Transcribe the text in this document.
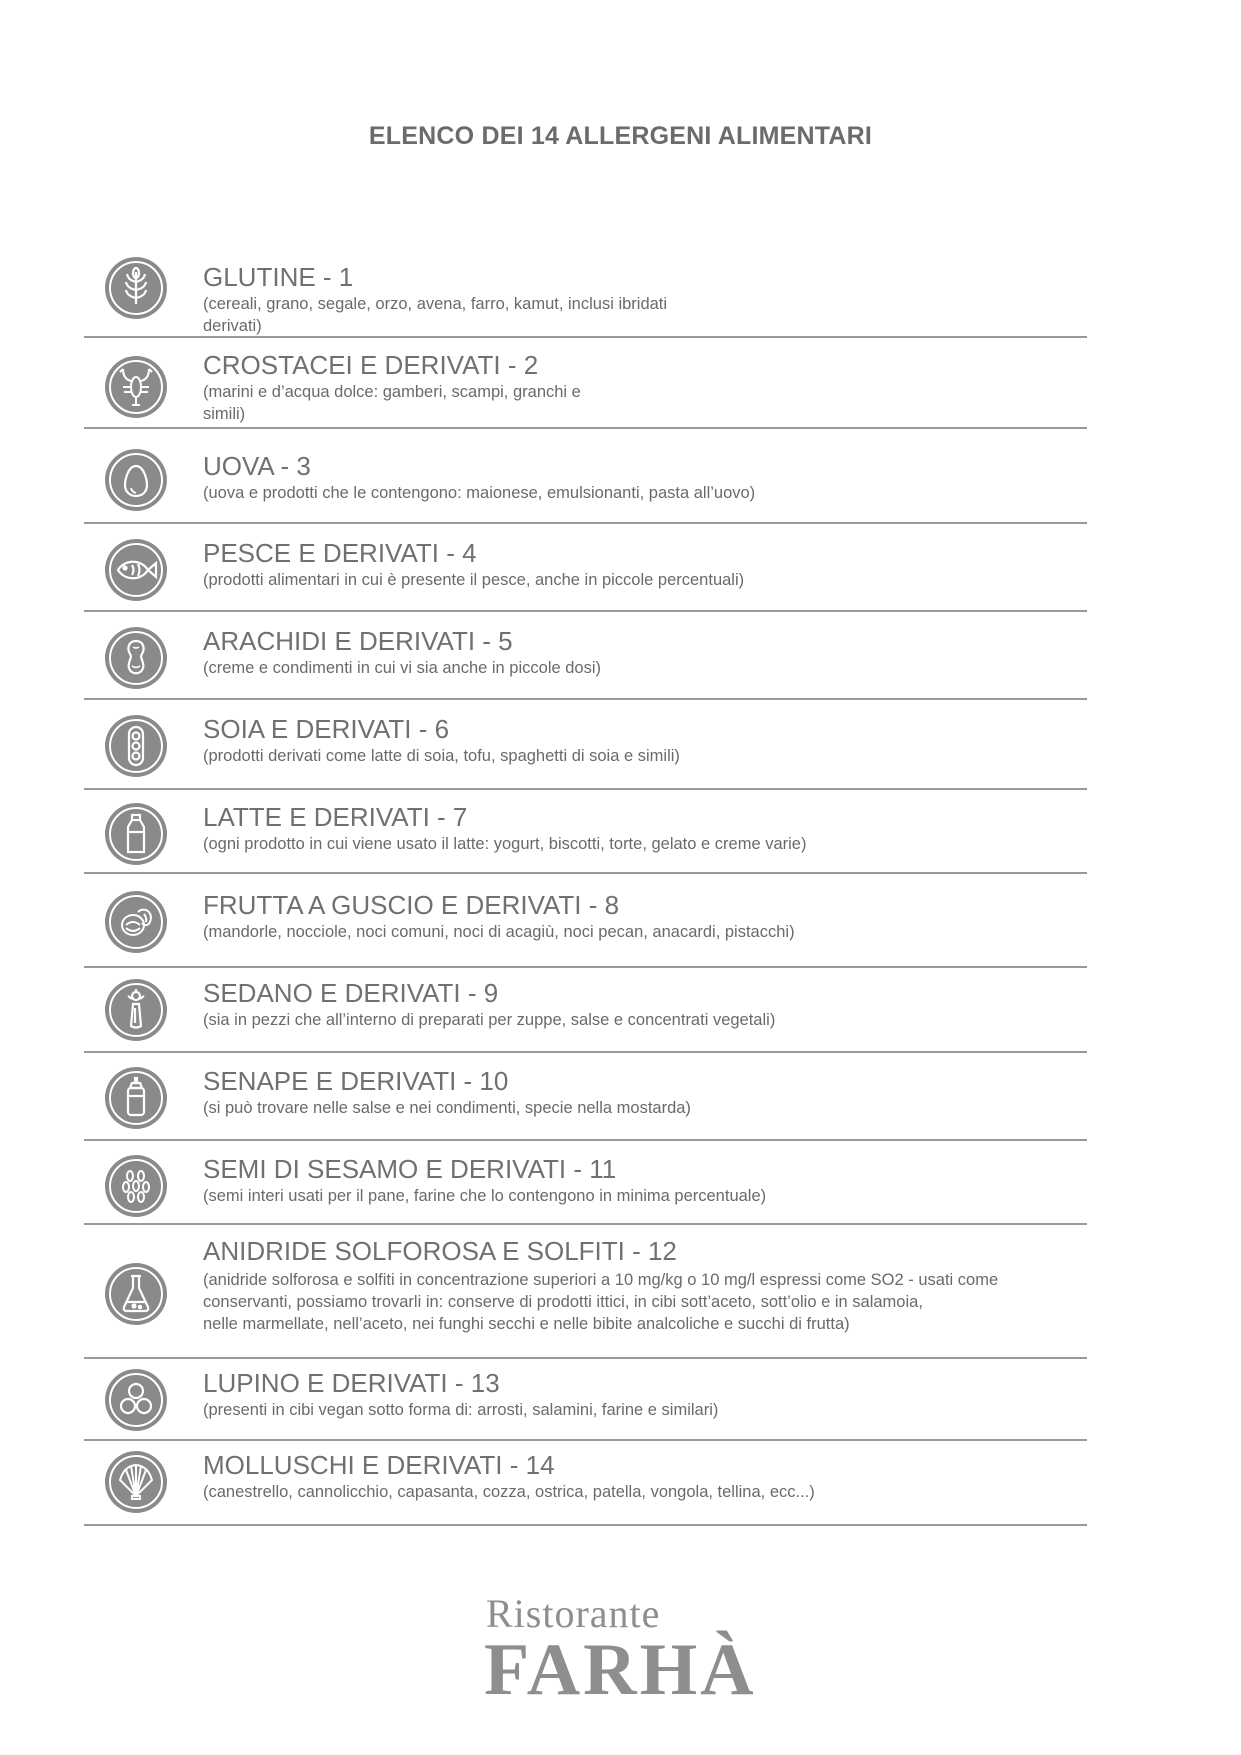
ELENCO DEI 14 ALLERGENI ALIMENTARI
GLUTINE - 1
(cereali, grano, segale, orzo, avena, farro, kamut, inclusi ibridati
derivati)
CROSTACEI E DERIVATI - 2
(marini e d’acqua dolce: gamberi, scampi, granchi e
simili)
UOVA - 3
(uova e prodotti che le contengono: maionese, emulsionanti, pasta all’uovo)
PESCE E DERIVATI - 4
(prodotti alimentari in cui è presente il pesce, anche in piccole percentuali)
ARACHIDI E DERIVATI - 5
(creme e condimenti in cui vi sia anche in piccole dosi)
SOIA E DERIVATI - 6
(prodotti derivati come latte di soia, tofu, spaghetti di soia e simili)
LATTE E DERIVATI - 7
(ogni prodotto in cui viene usato il latte: yogurt, biscotti, torte, gelato e creme varie)
FRUTTA A GUSCIO E DERIVATI - 8
(mandorle, nocciole, noci comuni, noci di acagiù, noci pecan, anacardi, pistacchi)
SEDANO E DERIVATI - 9
(sia in pezzi che all’interno di preparati per zuppe, salse e concentrati vegetali)
SENAPE E DERIVATI - 10
(si può trovare nelle salse e nei condimenti, specie nella mostarda)
SEMI DI SESAMO E DERIVATI - 11
(semi interi usati per il pane, farine che lo contengono in minima percentuale)
ANIDRIDE SOLFOROSA E SOLFITI - 12
(anidride solforosa e solfiti in concentrazione superiori a 10 mg/kg o 10 mg/l espressi come SO2 - usati come
conservanti, possiamo trovarli in: conserve di prodotti ittici, in cibi sott’aceto, sott’olio e in salamoia,
nelle marmellate, nell’aceto, nei funghi secchi e nelle bibite analcoliche e succhi di frutta)
LUPINO E DERIVATI - 13
(presenti in cibi vegan sotto forma di: arrosti, salamini, farine e similari)
MOLLUSCHI E DERIVATI - 14
(canestrello, cannolicchio, capasanta, cozza, ostrica, patella, vongola, tellina, ecc...)
Ristorante
FARHÀ
